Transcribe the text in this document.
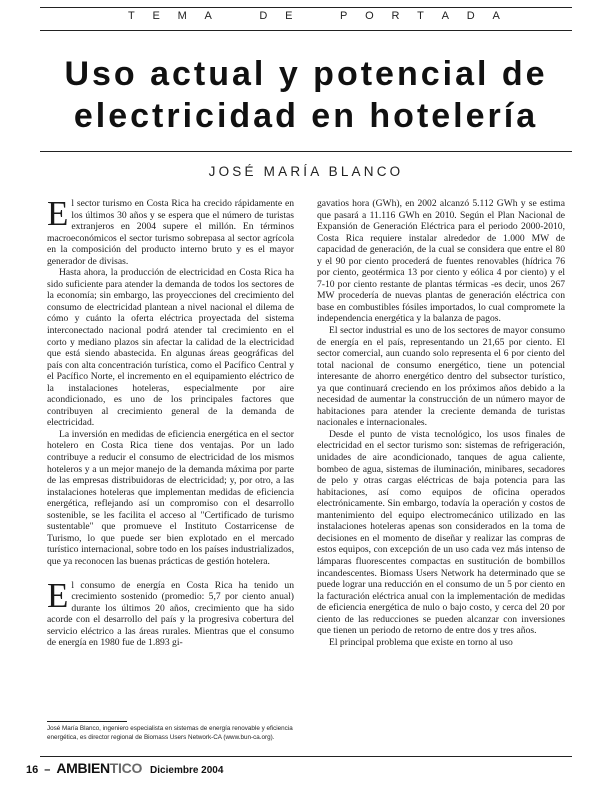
T E M A	D E	P O R T A D A
Uso actual y potencial de
electricidad en hotelería
JOSÉ MARÍA BLANCO

El sector turismo en Costa Rica ha crecido rápidamente en los últimos 30 años y se espera que el número de turistas extranjeros en 2004 supere el millón. En términos macroeconómicos el sector turismo sobrepasa al sector agrícola en la composición del producto interno bruto y es el mayor generador de divisas.

Hasta ahora, la producción de electricidad en Costa Rica ha sido suficiente para atender la demanda de todos los sectores de la economía; sin embargo, las proyecciones del crecimiento del consumo de electricidad plantean a nivel nacional el dilema de cómo y cuánto la oferta eléctrica proyectada del sistema interconectado nacional podrá atender tal crecimiento en el corto y mediano plazos sin afectar la calidad de la electricidad que está siendo abastecida. En algunas áreas geográficas del país con alta concentración turística, como el Pacífico Central y el Pacífico Norte, el incremento en el equipamiento eléctrico de la instalaciones hoteleras, especialmente por aire acondicionado, es uno de los principales factores que contribuyen al crecimiento general de la demanda de electricidad.

La inversión en medidas de eficiencia energética en el sector hotelero en Costa Rica tiene dos ventajas. Por un lado contribuye a reducir el consumo de electricidad de los mismos hoteleros y a un mejor manejo de la demanda máxima por parte de las empresas distribuidoras de electricidad; y, por otro, a las instalaciones hoteleras que implementan medidas de eficiencia energética, reflejando así un compromiso con el desarrollo sostenible, se les facilita el acceso al "Certificado de turismo sustentable" que promueve el Instituto Costarricense de Turismo, lo que puede ser bien explotado en el mercado turístico internacional, sobre todo en los países industrializados, que ya reconocen las buenas prácticas de gestión hotelera.

El consumo de energía en Costa Rica ha tenido un crecimiento sostenido (promedio: 5,7 por ciento anual) durante los últimos 20 años, crecimiento que ha sido acorde con el desarrollo del país y la progresiva cobertura del servicio eléctrico a las áreas rurales. Mientras que el consumo de energía en 1980 fue de 1.893 gi-

gavatios hora (GWh), en 2002 alcanzó 5.112 GWh y se estima que pasará a 11.116 GWh en 2010. Según el Plan Nacional de Expansión de Generación Eléctrica para el periodo 2000-2010, Costa Rica requiere instalar alrededor de 1.000 MW de capacidad de generación, de la cual se considera que entre el 80 y el 90 por ciento procederá de fuentes renovables (hídrica 76 por ciento, geotérmica 13 por ciento y eólica 4 por ciento) y el 7-10 por ciento restante de plantas térmicas -es decir, unos 267 MW procedería de nuevas plantas de generación eléctrica con base en combustibles fósiles importados, lo cual compromete la independencia energética y la balanza de pagos.

El sector industrial es uno de los sectores de mayor consumo de energía en el país, representando un 21,65 por ciento. El sector comercial, aun cuando solo representa el 6 por ciento del total nacional de consumo energético, tiene un potencial interesante de ahorro energético dentro del subsector turístico, ya que continuará creciendo en los próximos años debido a la necesidad de aumentar la construcción de un número mayor de habitaciones para atender la creciente demanda de turistas nacionales e internacionales.

Desde el punto de vista tecnológico, los usos finales de electricidad en el sector turismo son: sistemas de refrigeración, unidades de aire acondicionado, tanques de agua caliente, bombeo de agua, sistemas de iluminación, minibares, secadores de pelo y otras cargas eléctricas de baja potencia para las habitaciones, así como equipos de oficina operados electrónicamente. Sin embargo, todavía la operación y costos de mantenimiento del equipo electromecánico utilizado en las instalaciones hoteleras apenas son considerados en la toma de decisiones en el momento de diseñar y realizar las compras de estos equipos, con excepción de un uso cada vez más intenso de lámparas fluorescentes compactas en sustitución de bombillos incandescentes. Biomass Users Network ha determinado que se puede lograr una reducción en el consumo de un 5 por ciento en la facturación eléctrica anual con la implementación de medidas de eficiencia energética de nulo o bajo costo, y cerca del 20 por ciento de las reducciones se pueden alcanzar con inversiones que tienen un periodo de retorno de entre dos y tres años.

El principal problema que existe en torno al uso

José María Blanco, ingeniero especialista en sistemas de energía renovable y eficiencia energética, es director regional de Biomass Users Network-CA (www.bun-ca.org).
16 – AMBIENTICO Diciembre 2004
